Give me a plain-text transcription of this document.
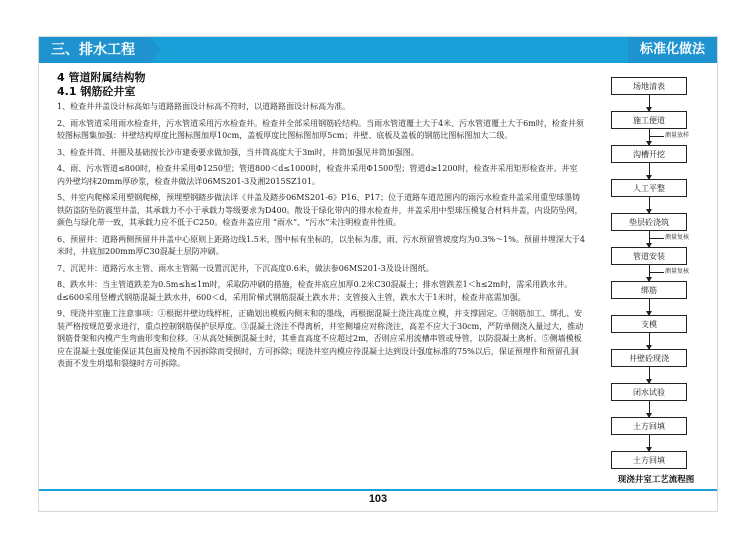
三、排水工程	标准化做法
4 管道附属结构物
4.1 钢筋砼井室

1、检查井井盖设计标高如与道路路面设计标高不符时，以道路路面设计标高为准。

2、雨水管道采用雨水检查井，污水管道采用污水检查井。检查井全部采用钢筋砼结构。当雨水管道覆土大于4米、污水管道覆土大于6m时，检查井须较图标图集加强：井壁结构厚度比图标图加厚10cm，盖板厚度比图标图加厚5cm；井壁、底板及盖板的钢筋比图标图加大二级。

3、检查井筒、井圈及基础按长沙市建委要求做加强，当井筒高度大于3m时，井筒加强见井筒加强图。

4、雨、污水管道≤800时，检查井采用Φ1250型；管道800＜d≤1000时，检查井采用Φ1500型；管道d≥1200时，检查井采用矩形检查井。井室内外壁均抹20mm厚砂浆，检查井做法详06MS201-3及湘2015SZ101。

5、井室内爬梯采用塑钢爬梯，预埋塑钢踏步做法详《井盖及踏步06MS201-6》P16、P17；位于道路车道范围内的雨污水检查井盖采用重型球墨铸铁防盗防坠防震型井盖，其承载力不小于承载力等级要求为D400。散设于绿化带内的排水检查井，井盖采用中型球压模复合材料井盖，内设防坠网，颜色与绿化带一致，其承载力应不低于C250。检查井盖应用 “雨水”、“污水”未注明检查井性质。

6、预留井：道路两侧预留井井盖中心原则上距路边线1.5米，图中标有坐标的，以坐标为准，雨、污水预留管坡度均为0.3%～1%。预留井埋深大于4米时，井底加200mm厚C30混凝土层防冲刷。

7、沉泥井：道路污水主管、雨水主管隔一设置沉泥井，下沉高度0.6米，做法参06MS201-3及设计图纸。

8、跌水井：当主管道跌差为0.5m≤h≤1m时，采取防冲刷的措施，检查井底应加厚0.2米C30混凝土；排水管跌差1＜h≤2m时，需采用跌水井。d≤600采用竖槽式钢筋混凝土跌水井，600＜d，采用阶梯式钢筋混凝土跌水井；支管接入主管，跌水大于1米时，检查井底需加强。

9、现浇井室施工注意事项：①根据井壁边线样桩，正确划出模板内侧末和的墨线，再根据混凝土浇注高度立模，并支撑固定。②钢筋加工、绑扎、安装严格按规范要求进行，重点控制钢筋保护层厚度。③混凝土浇注不得离析，井室侧墙应对称浇注，高差不应大于30cm，严防单侧浇入量过大，推动钢筋骨架和内模产生弯曲形变和位移。④从高处倾倒混凝土时，其垂直高度不应超过2m，否则应采用流槽串管或导管，以防混凝土离析。⑤侧墙模板应在混凝土强度能保证其包面及棱角不因拆除而受损时，方可拆除；现浇井室内模应待混凝土达到设计强度标准的75%以后，保证预埋件和预留孔洞表面不发生坍塌和裂缝时方可拆除。

场地清表
施工便道
测量放样
沟槽开挖
人工平整
垫层砼浇筑
测量复核
管道安装
测量复核
绑筋
支模
井壁砼现浇
闭水试验
土方回填
土方回填
现浇井室工艺流程图
103
